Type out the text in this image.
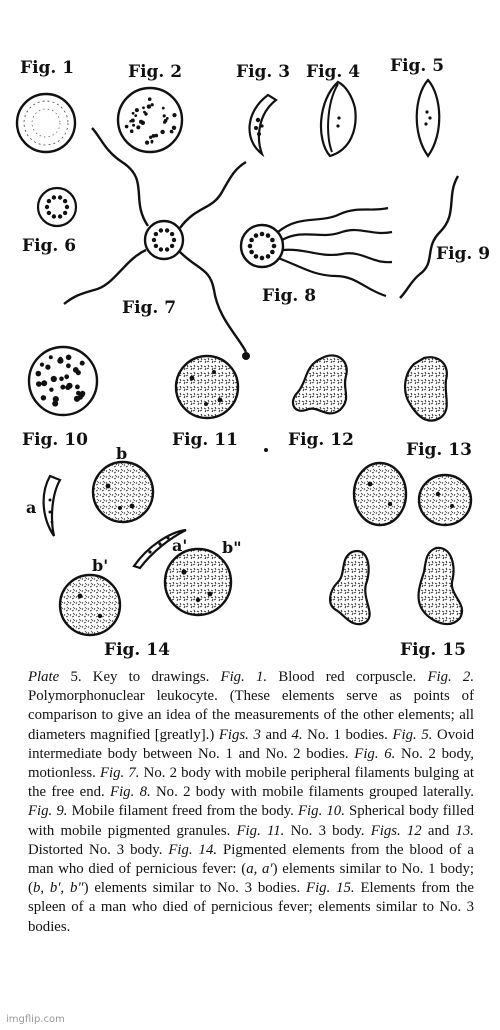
Fig. 1	Fig. 2	Fig. 3 Fig. 4 Fig. 5
Fig. 6
Fig. 7
Fig. 8
Fig. 9
Fig. 10	Fig. 11	Fig. 12	Fig. 13
Fig. 14	Fig. 15
a
a'
b
b'
b"
Plate 5. Key to drawings. Fig. 1. Blood red corpuscle. Fig. 2. Polymorphonuclear leukocyte. (These elements serve as points of comparison to give an idea of the measurements of the other elements; all diameters magnified [greatly].) Figs. 3 and 4. No. 1 bodies. Fig. 5. Ovoid intermediate body between No. 1 and No. 2 bodies. Fig. 6. No. 2 body, motionless. Fig. 7. No. 2 body with mobile peripheral filaments bulging at the free end. Fig. 8. No. 2 body with mobile filaments grouped laterally. Fig. 9. Mobile filament freed from the body. Fig. 10. Spherical body filled with mobile pigmented granules. Fig. 11. No. 3 body. Figs. 12 and 13. Distorted No. 3 body. Fig. 14. Pigmented elements from the blood of a man who died of pernicious fever: (a, a') elements similar to No. 1 body; (b, b', b") elements similar to No. 3 bodies. Fig. 15. Elements from the spleen of a man who died of pernicious fever; elements similar to No. 3 bodies.
imgflip.com
